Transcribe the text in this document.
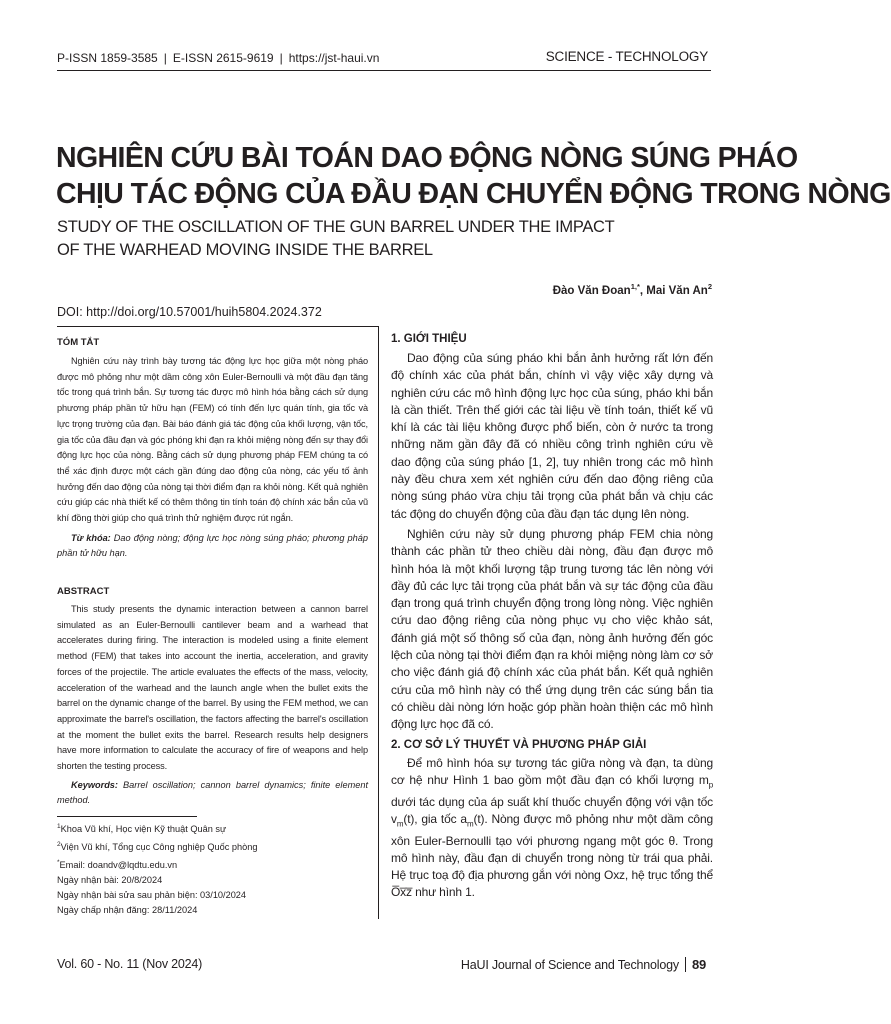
P-ISSN 1859-3585 | E-ISSN 2615-9619 | https://jst-haui.vn	SCIENCE - TECHNOLOGY
NGHIÊN CỨU BÀI TOÁN DAO ĐỘNG NÒNG SÚNG PHÁO
CHỊU TÁC ĐỘNG CỦA ĐẦU ĐẠN CHUYỂN ĐỘNG TRONG NÒNG
STUDY OF THE OSCILLATION OF THE GUN BARREL UNDER THE IMPACT
OF THE WARHEAD MOVING INSIDE THE BARREL
Đào Văn Đoan$^{1,*}$, Mai Văn An$^2$
DOI: http://doi.org/10.57001/huih5804.2024.372
TÓM TẮT

Nghiên cứu này trình bày tương tác động lực học giữa một nòng pháo được mô phỏng như một dầm công xôn Euler-Bernoulli và một đầu đạn tăng tốc trong quá trình bắn. Sự tương tác được mô hình hóa bằng cách sử dụng phương pháp phần tử hữu hạn (FEM) có tính đến lực quán tính, gia tốc và lực trọng trường của đạn. Bài báo đánh giá tác động của khối lượng, vận tốc, gia tốc của đầu đạn và góc phóng khi đạn ra khỏi miệng nòng đến sự thay đổi động lực học của nòng. Bằng cách sử dụng phương pháp FEM chúng ta có thể xác định được một cách gần đúng dao động của nòng, các yếu tố ảnh hưởng đến dao động của nòng tại thời điểm đạn ra khỏi nòng. Kết quả nghiên cứu giúp các nhà thiết kế có thêm thông tin tính toán độ chính xác bắn của vũ khí đồng thời giúp cho quá trình thử nghiệm được rút ngắn.

Từ khóa: Dao động nòng; động lực học nòng súng pháo; phương pháp phần tử hữu hạn.

ABSTRACT

This study presents the dynamic interaction between a cannon barrel simulated as an Euler-Bernoulli cantilever beam and a warhead that accelerates during firing. The interaction is modeled using a finite element method (FEM) that takes into account the inertia, acceleration, and gravity forces of the projectile. The article evaluates the effects of the mass, velocity, acceleration of the warhead and the launch angle when the bullet exits the barrel on the dynamic change of the barrel. By using the FEM method, we can approximate the barrel's oscillation, the factors affecting the barrel's oscillation at the moment the bullet exits the barrel. Research results help designers have more information to calculate the accuracy of fire of weapons and help shorten the testing process.

Keywords: Barrel oscillation; cannon barrel dynamics; finite element method.

$^1$Khoa Vũ khí, Học viện Kỹ thuật Quân sự

$^2$Viện Vũ khí, Tổng cục Công nghiệp Quốc phòng

*Email: doandv@lqdtu.edu.vn

Ngày nhận bài: 20/8/2024

Ngày nhận bài sửa sau phản biện: 03/10/2024

Ngày chấp nhận đăng: 28/11/2024

1. GIỚI THIỆU

Dao động của súng pháo khi bắn ảnh hưởng rất lớn đến độ chính xác của phát bắn, chính vì vậy việc xây dựng và nghiên cứu các mô hình động lực học của súng, pháo khi bắn là cần thiết. Trên thế giới các tài liệu về tính toán, thiết kế vũ khí là các tài liệu không được phổ biến, còn ở nước ta trong những năm gần đây đã có nhiều công trình nghiên cứu về dao động của súng pháo [1, 2], tuy nhiên trong các mô hình này đều chưa xem xét nghiên cứu đến dao động riêng của nòng súng pháo vừa chịu tải trọng của phát bắn và chịu các tác động do chuyển động của đầu đạn tác dụng lên nòng.

Nghiên cứu này sử dụng phương pháp FEM chia nòng thành các phần tử theo chiều dài nòng, đầu đạn được mô hình hóa là một khối lượng tập trung tương tác lên nòng với đầy đủ các lực tải trọng của phát bắn và sự tác động của đầu đạn trong quá trình chuyển động trong lòng nòng. Việc nghiên cứu dao động riêng của nòng phục vụ cho việc khảo sát, đánh giá một số thông số của đạn, nòng ảnh hưởng đến góc lệch của nòng tại thời điểm đạn ra khỏi miệng nòng làm cơ sở cho việc đánh giá độ chính xác của phát bắn. Kết quả nghiên cứu của mô hình này có thể ứng dụng trên các súng bắn tia có chiều dài nòng lớn hoặc góp phần hoàn thiện các mô hình động lực học đã có.

2. CƠ SỞ LÝ THUYẾT VÀ PHƯƠNG PHÁP GIẢI

Để mô hình hóa sự tương tác giữa nòng và đạn, ta dùng cơ hệ như Hình 1 bao gồm một đầu đạn có khối lượng $m_p$ dưới tác dụng của áp suất khí thuốc chuyển động với vận tốc $v_m(t)$, gia tốc $a_m(t)$. Nòng được mô phỏng như một dầm công xôn Euler-Bernoulli tạo với phương ngang một góc θ. Trong mô hình này, đầu đạn di chuyển trong nòng từ trái qua phải. Hệ trục toạ độ địa phương gắn với nòng Oxz, hệ trục tổng thể O̅x̅z̅ như hình 1.

Vol. 60 - No. 11 (Nov 2024)	HaUI Journal of Science and Technology 89
